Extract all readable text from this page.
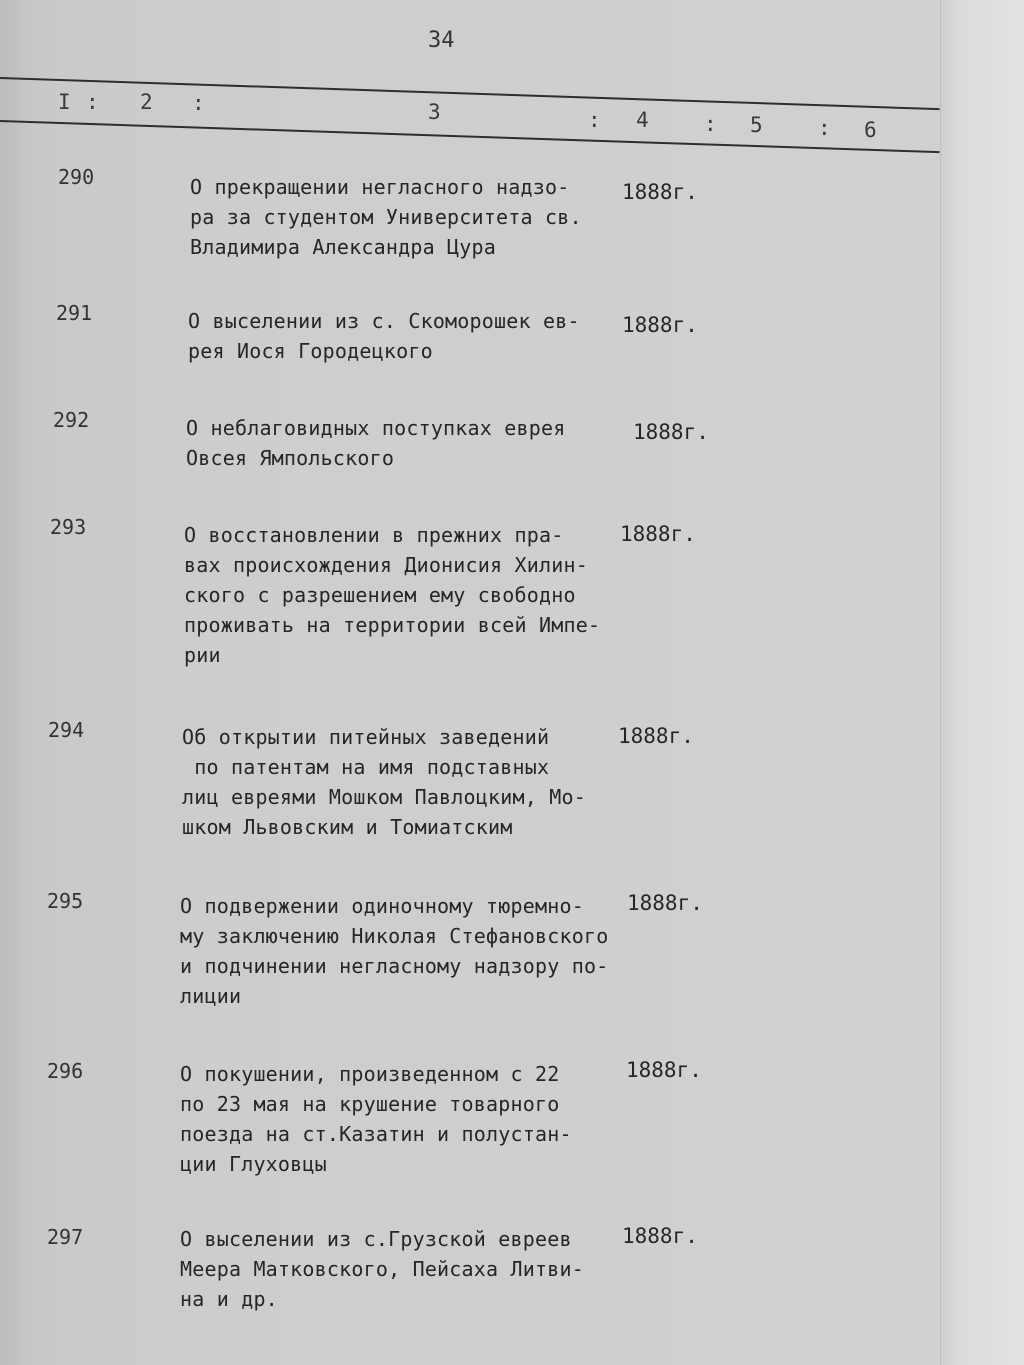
34
I : 2 :	3	: 4	: 5	: 6
290	О прекращении негласного надзо-
ра за студентом Университета св.
Владимира Александра Цура
1888г.
291	О выселении из с. Скоморошек ев-
рея Иося Городецкого
1888г.
292	О неблаговидных поступках еврея
Овсея Ямпольского
1888г.
293	О восстановлении в прежних пра-
вах происхождения Дионисия Хилин-
ского с разрешением ему свободно
проживать на территории всей Импе-
рии
1888г.
294	Об открытии питейных заведений
по патентам на имя подставных
лиц евреями Мошком Павлоцким, Мо-
шком Львовским и Томиатским
1888г.
295	О подвержении одиночному тюремно-
му заключению Николая Стефановского
и подчинении негласному надзору по-
лиции
1888г.
296	О покушении, произведенном с 22
по 23 мая на крушение товарного
поезда на ст.Казатин и полустан-
ции Глуховцы
1888г.
297	О выселении из с.Грузской евреев
Меера Матковского, Пейсаха Литви-
на и др.
1888г.
